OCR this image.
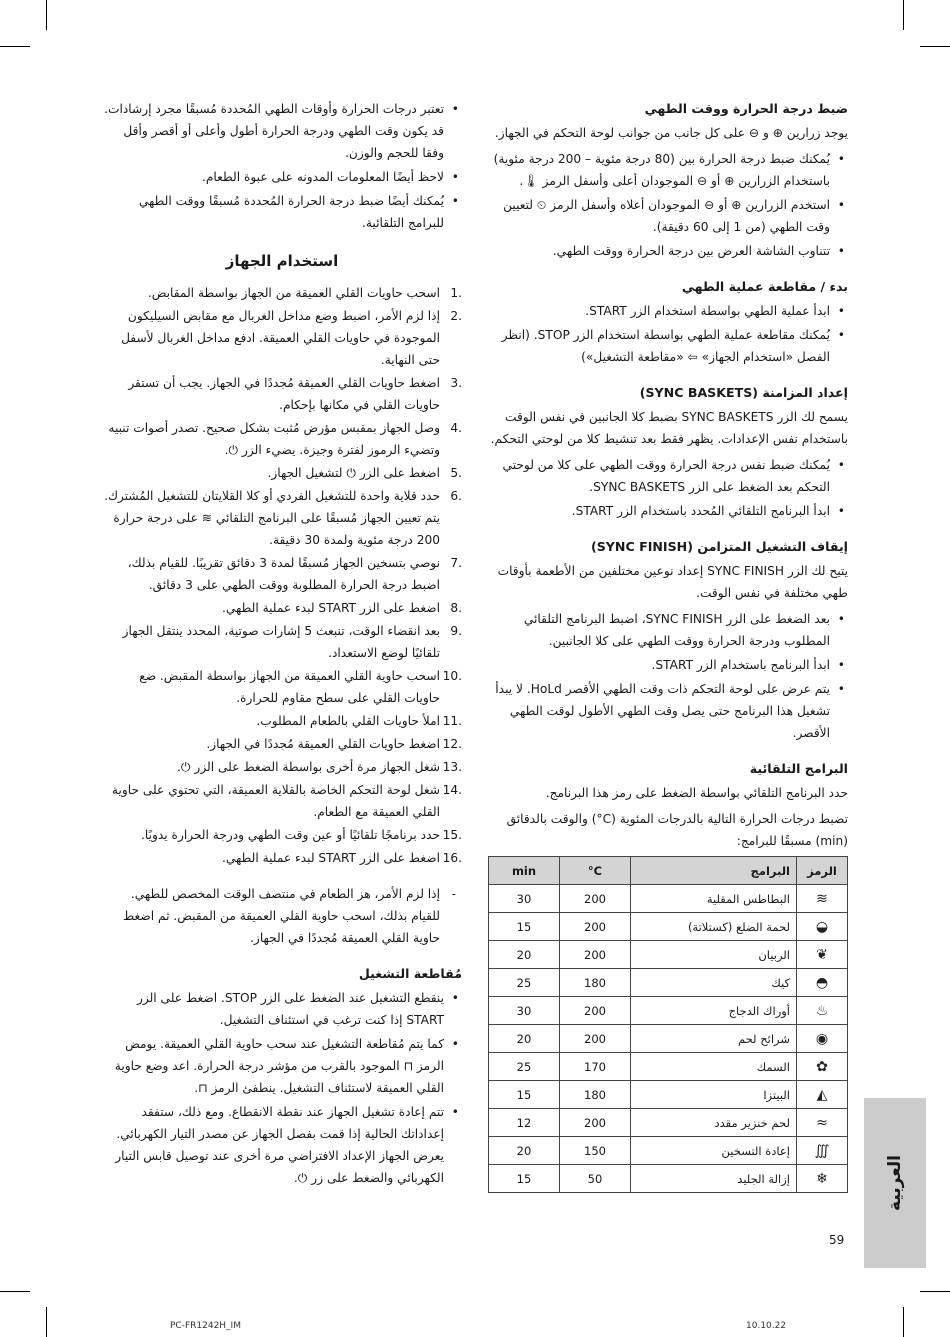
ضبط درجة الحرارة ووقت الطهي

يوجد زرارين ⊕ و ⊖ على كل جانب من جوانب لوحة التحكم في الجهاز.

• يُمكنك ضبط درجة الحرارة بين (80 درجة مئوية – 200 درجة مئوية) باستخدام الزرارين ⊕ أو ⊖ الموجودان أعلى وأسفل الرمز 🌡.
• استخدم الزرارين ⊕ أو ⊖ الموجودان أعلاه وأسفل الرمز ⏲ لتعيين وقت الطهي (من 1 إلى 60 دقيقة).
• تتناوب الشاشة العرض بين درجة الحرارة ووقت الطهي.
بدء / مقاطعة عملية الطهي
• ابدأ عملية الطهي بواسطة استخدام الزر START.
• يُمكنك مقاطعة عملية الطهي بواسطة استخدام الزر STOP. (انظر الفصل «استخدام الجهاز» ⇦ «مقاطعة التشغيل»)
إعداد المزامنة (SYNC BASKETS)

يسمح لك الزر SYNC BASKETS بضبط كلا الجانبين في نفس الوقت باستخدام نفس الإعدادات. يظهر فقط بعد تنشيط كلا من لوحتي التحكم.

• يُمكنك ضبط نفس درجة الحرارة ووقت الطهي على كلا من لوحتي التحكم بعد الضغط على الزر SYNC BASKETS.
• ابدأ البرنامج التلقائي المُحدد باستخدام الزر START.
إيقاف التشغيل المتزامن (SYNC FINISH)

يتيح لك الزر SYNC FINISH إعداد نوعين مختلفين من الأطعمة بأوقات طهي مختلفة في نفس الوقت.

• بعد الضغط على الزر SYNC FINISH، اضبط البرنامج التلقائي المطلوب ودرجة الحرارة ووقت الطهي على كلا الجانبين.
• ابدأ البرنامج باستخدام الزر START.
• يتم عرض على لوحة التحكم ذات وقت الطهي الأقصر HoLd. لا يبدأ تشغيل هذا البرنامج حتى يصل وقت الطهي الأطول لوقت الطهي الأقصر.
البرامج التلقائية

حدد البرنامج التلقائي بواسطة الضغط على رمز هذا البرنامج.

تضبط درجات الحرارة التالية بالدرجات المئوية (C°) والوقت بالدقائق (min) مسبقًا للبرامج:

الرمز	البرامج	C°	min
≋	البطاطس المقلية	200	30
◒	لحمة الضلع (كستلاتة)	200	15
❦	الربيان	200	20
◓	كيك	180	25
♨	أوراك الدجاج	200	30
◉	شرائح لحم	200	20
✿	السمك	170	25
◭	البيتزا	180	15
≈	لحم خنزير مقدد	200	12
∭	إعادة التسخين	150	20
❄	إزالة الجليد	50	15
• تعتبر درجات الحرارة وأوقات الطهي المُحددة مُسبقًا مجرد إرشادات. قد يكون وقت الطهي ودرجة الحرارة أطول وأعلى أو أقصر وأقل وفقا للحجم والوزن.
• لاحظ أيضًا المعلومات المدونه على عبوة الطعام.
• يُمكنك أيضًا ضبط درجة الحرارة المُحددة مُسبقًا ووقت الطهي للبرامج التلقائية.
استخدام الجهاز
1.
اسحب حاويات القلي العميقة من الجهاز بواسطة المقابض.
2.
إذا لزم الأمر، اضبط وضع مداخل الغربال مع مقابض السيليكون الموجودة في حاويات القلي العميقة. ادفع مداخل الغربال لأسفل حتى النهاية.
3.
اضغط حاويات القلي العميقة مُجددًا في الجهاز. يجب أن تستقر حاويات القلي في مكانها بإحكام.
4.
وصل الجهاز بمقبس مؤرض مُثبت بشكل صحيح. تصدر أصوات تنبيه وتضيء الرموز لفترة وجيزة. يضيء الزر ⏻.
5.
اضغط على الزر ⏻ لتشغيل الجهاز.
6.
حدد قلاية واحدة للتشغيل الفردي أو كلا القلايتان للتشغيل المُشترك. يتم تعيين الجهاز مُسبقًا على البرنامج التلقائي ≋ على درجة حرارة 200 درجة مئوية ولمدة 30 دقيقة.
7.
نوصي بتسخين الجهاز مُسبقًا لمدة 3 دقائق تقريبًا. للقيام بذلك، اضبط درجة الحرارة المطلوبة ووقت الطهي على 3 دقائق.
8.
اضغط على الزر START لبدء عملية الطهي.
9.
بعد انقضاء الوقت، تنبعث 5 إشارات صوتية، المحدد ينتقل الجهاز تلقائيًا لوضع الاستعداد.
10.
اسحب حاوية القلي العميقة من الجهاز بواسطة المقبض. ضع حاويات القلي على سطح مقاوم للحرارة.
11.
املأ حاويات القلي بالطعام المطلوب.
12.
اضغط حاويات القلي العميقة مُجددًا في الجهاز.
13.
شغل الجهاز مرة أخرى بواسطة الضغط على الزر ⏻.
14.
شغل لوحة التحكم الخاصة بالقلاية العميقة، التي تحتوي على حاوية القلي العميقة مع الطعام.
15.
حدد برنامجًا تلقائيًا أو عين وقت الطهي ودرجة الحرارة يدويًا.
16.
اضغط على الزر START لبدء عملية الطهي.
- إذا لزم الأمر، هز الطعام في منتصف الوقت المخصص للطهي. للقيام بذلك، اسحب حاوية القلي العميقة من المقبض. ثم اضغط حاوية القلي العميقة مُجددًا في الجهاز.
مُقاطعة التشغيل
• ينقطع التشغيل عند الضغط على الزر STOP. اضغط على الزر START إذا كنت ترغب في استئناف التشغيل.
• كما يتم مُقاطعة التشغيل عند سحب حاوية القلي العميقة. يومض الرمز ⊓ الموجود بالقرب من مؤشر درجة الحرارة. اعد وضع حاوية القلي العميقة لاستئناف التشغيل. ينطفئ الرمز ⊓.
• تتم إعادة تشغيل الجهاز عند نقطة الانقطاع. ومع ذلك، ستفقد إعداداتك الحالية إذا قمت بفصل الجهاز عن مصدر التيار الكهربائي. يعرض الجهاز الإعداد الافتراضي مرة أخرى عند توصيل قابس التيار الكهربائي والضغط على زر ⏻.	العربية
59
PC-FR1242H_IM	10.10.22
